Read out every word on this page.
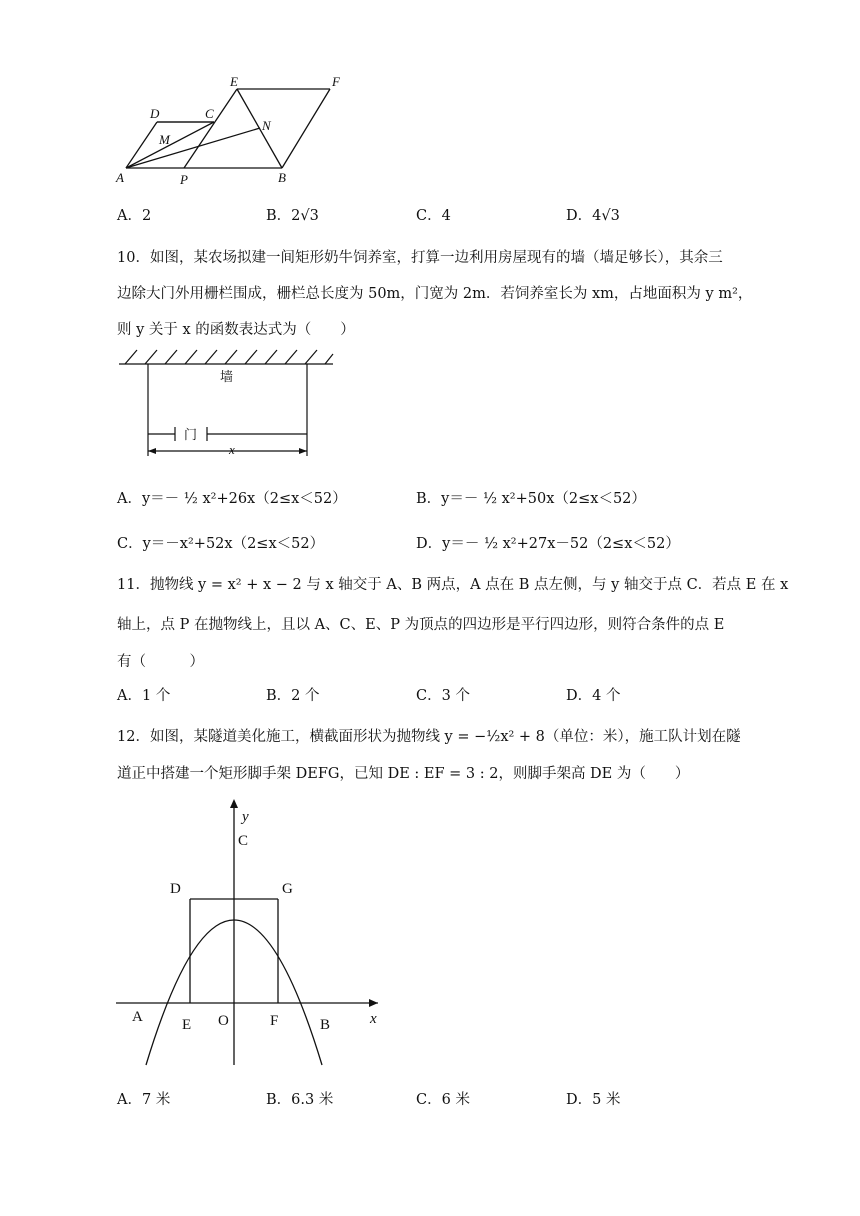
E	F
D	C
N
M
A	P	B
A．2	B．2√3	C．4	D．4√3
10．如图，某农场拟建一间矩形奶牛饲养室，打算一边利用房屋现有的墙（墙足够长），其余三
边除大门外用栅栏围成，栅栏总长度为 50m，门宽为 2m．若饲养室长为 xm，占地面积为 y m²，
则 y 关于 x 的函数表达式为（　　）
墙
门
x
A．y＝－ ½ x²+26x（2≤x＜52）	B．y＝－ ½ x²+50x（2≤x＜52）
C．y＝－x²+52x（2≤x＜52）	D．y＝－ ½ x²+27x－52（2≤x＜52）
11．抛物线 y = x² + x − 2 与 x 轴交于 A、B 两点，A 点在 B 点左侧，与 y 轴交于点 C．若点 E 在 x
轴上，点 P 在抛物线上，且以 A、C、E、P 为顶点的四边形是平行四边形，则符合条件的点 E
有（　　　）
A．1 个	B．2 个	C．3 个	D．4 个
12．如图，某隧道美化施工，横截面形状为抛物线 y = −½x² + 8（单位：米），施工队计划在隧
道正中搭建一个矩形脚手架 DEFG，已知 DE : EF = 3 : 2，则脚手架高 DE 为（　　）
y
x
C
D	G
A	E O	F	B
A．7 米	B．6.3 米	C．6 米	D．5 米
